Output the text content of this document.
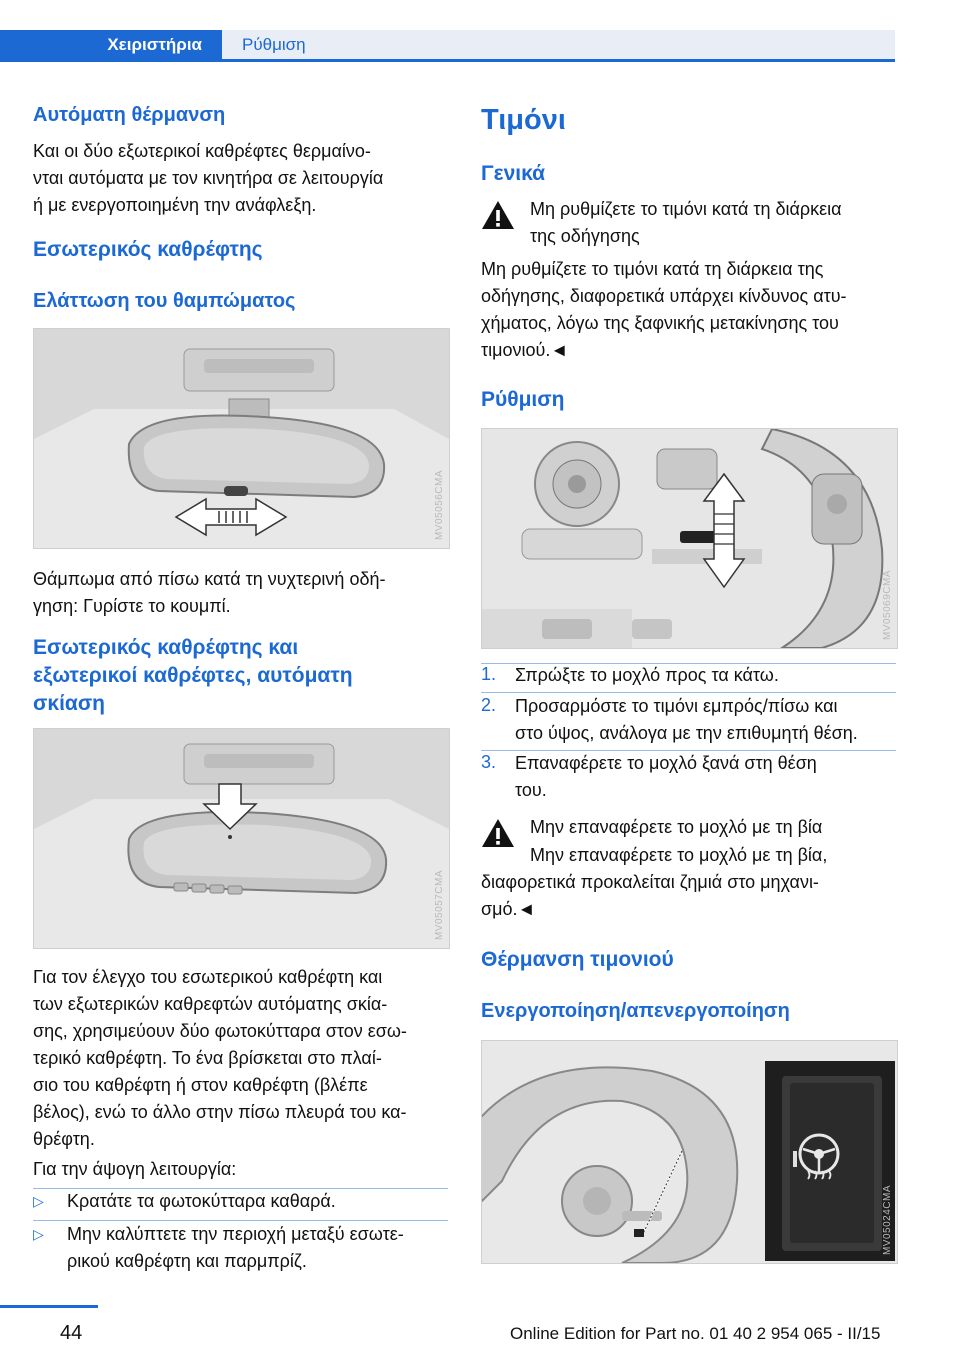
Χειριστήρια	Ρύθμιση
Αυτόματη θέρμανση

Και οι δύο εξωτερικοί καθρέφτες θερμαίνο-

νται αυτόματα με τον κινητήρα σε λειτουργία

ή με ενεργοποιημένη την ανάφλεξη.

Εσωτερικός καθρέφτης
Ελάττωση του θαμπώματος
MV05056CMA

Θάμπωμα από πίσω κατά τη νυχτερινή οδή-

γηση: Γυρίστε το κουμπί.

Εσωτερικός καθρέφτης και
εξωτερικοί καθρέφτες, αυτόματη
σκίαση
MV05057CMA

Για τον έλεγχο του εσωτερικού καθρέφτη και

των εξωτερικών καθρεφτών αυτόματης σκία-

σης, χρησιμεύουν δύο φωτοκύτταρα στον εσω-

τερικό καθρέφτη. Το ένα βρίσκεται στο πλαί-

σιο του καθρέφτη ή στον καθρέφτη (βλέπε

βέλος), ενώ το άλλο στην πίσω πλευρά του κα-

θρέφτη.

Για την άψογη λειτουργία:

▷ Κρατάτε τα φωτοκύτταρα καθαρά.

▷ Μην καλύπτετε την περιοχή μεταξύ εσωτε-

ρικού καθρέφτη και παρμπρίζ.

Τιμόνι
Γενικά

Μη ρυθμίζετε το τιμόνι κατά τη διάρκεια

της οδήγησης

Μη ρυθμίζετε το τιμόνι κατά τη διάρκεια της

οδήγησης, διαφορετικά υπάρχει κίνδυνος ατυ-

χήματος, λόγω της ξαφνικής μετακίνησης του

τιμονιού.◄

Ρύθμιση
MV05069CMA
1. Σπρώξτε το μοχλό προς τα κάτω.

2. Προσαρμόστε το τιμόνι εμπρός/πίσω και

στο ύψος, ανάλογα με την επιθυμητή θέση.

3. Επαναφέρετε το μοχλό ξανά στη θέση

του.

Μην επαναφέρετε το μοχλό με τη βία

Μην επαναφέρετε το μοχλό με τη βία,

διαφορετικά προκαλείται ζημιά στο μηχανι-

σμό.◄

Θέρμανση τιμονιού
Ενεργοποίηση/απενεργοποίηση
MV05024CMA
44	Online Edition for Part no. 01 40 2 954 065 - II/15
